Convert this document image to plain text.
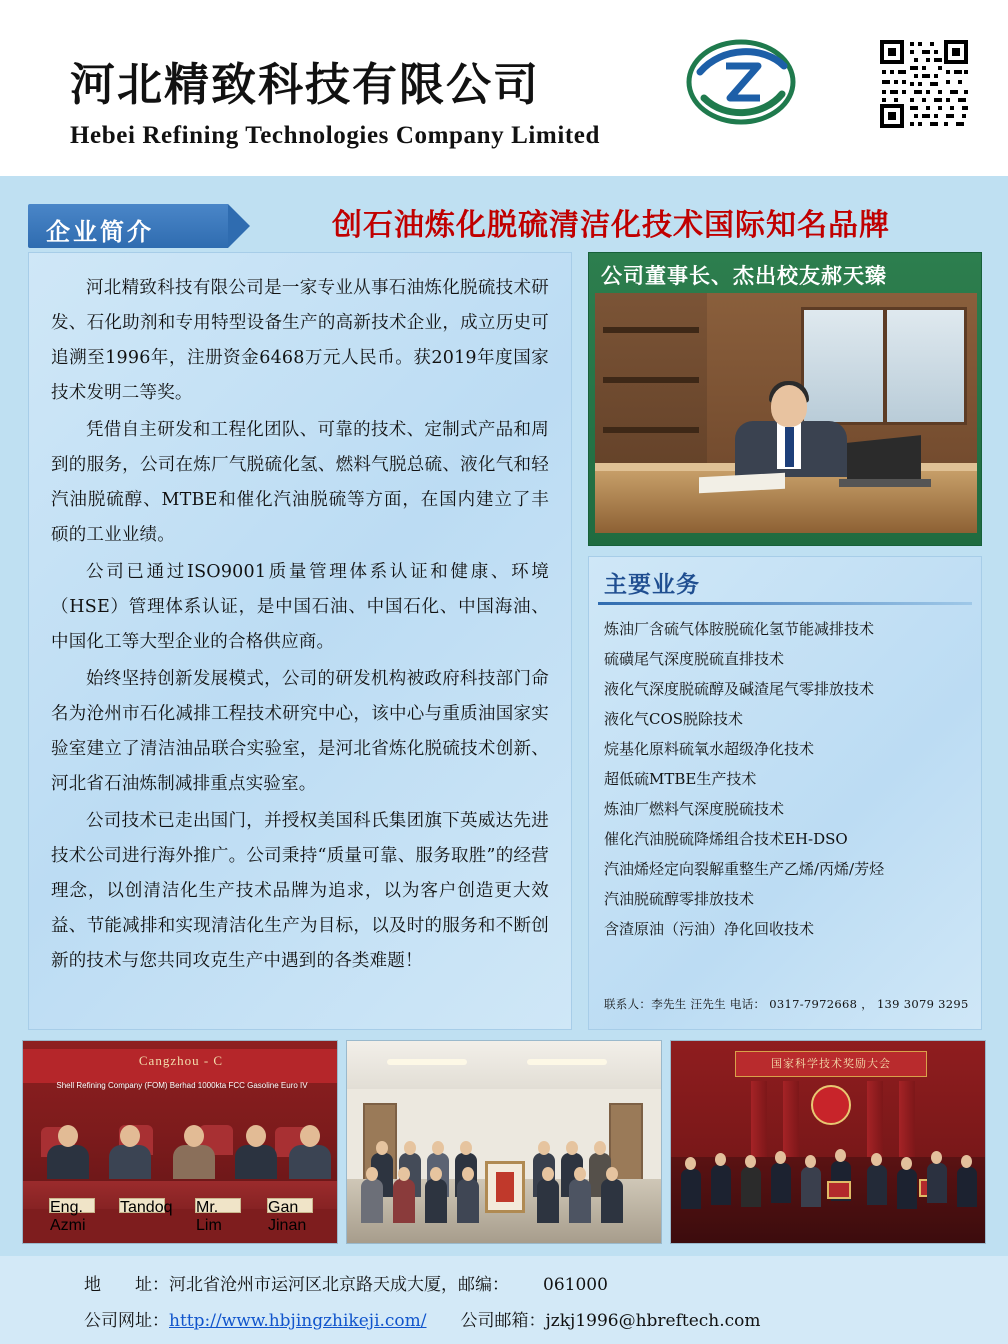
河北精致科技有限公司
Hebei Refining Technologies Company Limited
企业简介	创石油炼化脱硫清洁化技术国际知名品牌

河北精致科技有限公司是一家专业从事石油炼化脱硫技术研发、石化助剂和专用特型设备生产的高新技术企业，成立历史可追溯至1996年，注册资金6468万元人民币。获2019年度国家技术发明二等奖。

凭借自主研发和工程化团队、可靠的技术、定制式产品和周到的服务，公司在炼厂气脱硫化氢、燃料气脱总硫、液化气和轻汽油脱硫醇、MTBE和催化汽油脱硫等方面，在国内建立了丰硕的工业业绩。

公司已通过ISO9001质量管理体系认证和健康、环境（HSE）管理体系认证，是中国石油、中国石化、中国海油、中国化工等大型企业的合格供应商。

始终坚持创新发展模式，公司的研发机构被政府科技部门命名为沧州市石化减排工程技术研究中心，该中心与重质油国家实验室建立了清洁油品联合实验室，是河北省炼化脱硫技术创新、河北省石油炼制减排重点实验室。

公司技术已走出国门，并授权美国科氏集团旗下英威达先进技术公司进行海外推广。公司秉持“质量可靠、服务取胜”的经营理念，以创清洁化生产技术品牌为追求，以为客户创造更大效益、节能减排和实现清洁化生产为目标，以及时的服务和不断创新的技术与您共同攻克生产中遇到的各类难题！

公司董事长、杰出校友郝天臻
主要业务
炼油厂含硫气体胺脱硫化氢节能减排技术
硫磺尾气深度脱硫直排技术
液化气深度脱硫醇及碱渣尾气零排放技术
液化气COS脱除技术
烷基化原料硫氧水超级净化技术
超低硫MTBE生产技术
炼油厂燃料气深度脱硫技术
催化汽油脱硫降烯组合技术EH-DSO
汽油烯烃定向裂解重整生产乙烯/丙烯/芳烃
汽油脱硫醇零排放技术
含渣原油（污油）净化回收技术
联系人：李先生 汪先生 电话： 0317-7972668 ， 139 3079 3295
Cangzhou - C
Shell Refining Company (FOM) Berhad 1000kta FCC Gasoline Euro IV
Eng. Azmi
Tandoq Mr. Lim
Gan Jinan
国家科学技术奖励大会
地　　址：河北省沧州市运河区北京路天成大厦，邮编： 061000
公司网址：http://www.hbjingzhikeji.com/ 公司邮箱：jzkj1996@hbreftech.com
